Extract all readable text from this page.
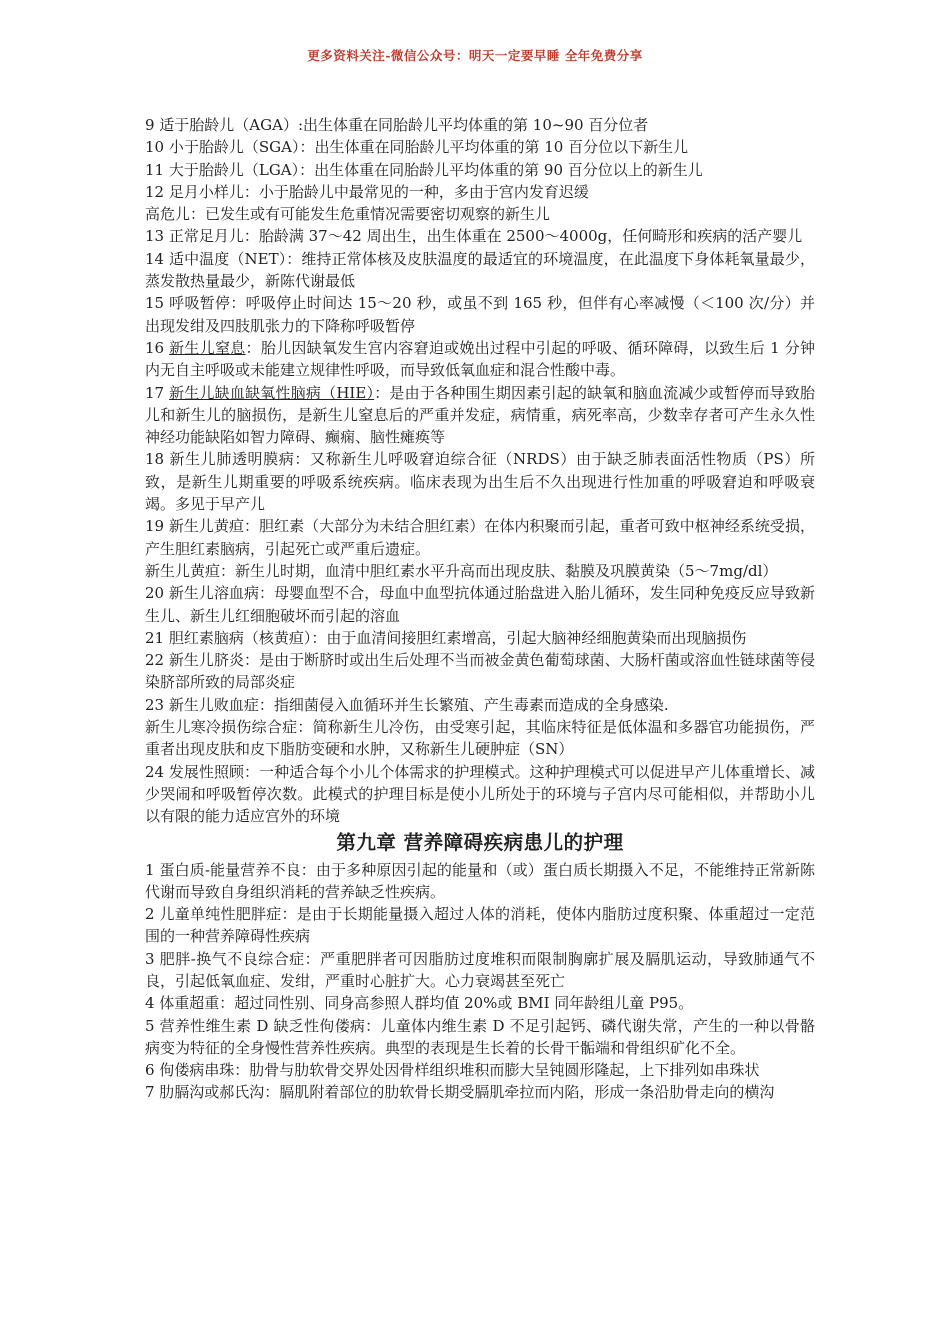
更多资料关注-微信公众号：明天一定要早睡 全年免费分享

9 适于胎龄儿（AGA）:出生体重在同胎龄儿平均体重的第 10~90 百分位者

10 小于胎龄儿（SGA）：出生体重在同胎龄儿平均体重的第 10 百分位以下新生儿

11 大于胎龄儿（LGA）：出生体重在同胎龄儿平均体重的第 90 百分位以上的新生儿

12 足月小样儿：小于胎龄儿中最常见的一种，多由于宫内发育迟缓

高危儿：已发生或有可能发生危重情况需要密切观察的新生儿

13 正常足月儿：胎龄满 37～42 周出生，出生体重在 2500～4000g，任何畸形和疾病的活产婴儿

14 适中温度（NET）：维持正常体核及皮肤温度的最适宜的环境温度，在此温度下身体耗氧量最少，蒸发散热量最少，新陈代谢最低

15 呼吸暂停：呼吸停止时间达 15～20 秒，或虽不到 165 秒，但伴有心率减慢（＜100 次/分）并出现发绀及四肢肌张力的下降称呼吸暂停

16 新生儿窒息：胎儿因缺氧发生宫内容窘迫或娩出过程中引起的呼吸、循环障碍，以致生后 1 分钟内无自主呼吸或未能建立规律性呼吸，而导致低氧血症和混合性酸中毒。

17 新生儿缺血缺氧性脑病（HIE）：是由于各种围生期因素引起的缺氧和脑血流减少或暂停而导致胎儿和新生儿的脑损伤，是新生儿窒息后的严重并发症，病情重，病死率高，少数幸存者可产生永久性神经功能缺陷如智力障碍、癫痫、脑性瘫痪等

18 新生儿肺透明膜病：又称新生儿呼吸窘迫综合征（NRDS）由于缺乏肺表面活性物质（PS）所致，是新生儿期重要的呼吸系统疾病。临床表现为出生后不久出现进行性加重的呼吸窘迫和呼吸衰竭。多见于早产儿

19 新生儿黄疸：胆红素（大部分为未结合胆红素）在体内积聚而引起，重者可致中枢神经系统受损，产生胆红素脑病，引起死亡或严重后遗症。

新生儿黄疸：新生儿时期，血清中胆红素水平升高而出现皮肤、黏膜及巩膜黄染（5～7mg/dl）

20 新生儿溶血病：母婴血型不合，母血中血型抗体通过胎盘进入胎儿循环，发生同种免疫反应导致新生儿、新生儿红细胞破坏而引起的溶血

21 胆红素脑病（核黄疸）：由于血清间接胆红素增高，引起大脑神经细胞黄染而出现脑损伤

22 新生儿脐炎：是由于断脐时或出生后处理不当而被金黄色葡萄球菌、大肠杆菌或溶血性链球菌等侵染脐部所致的局部炎症

23 新生儿败血症：指细菌侵入血循环并生长繁殖、产生毒素而造成的全身感染.

新生儿寒冷损伤综合症：简称新生儿冷伤，由受寒引起，其临床特征是低体温和多器官功能损伤，严重者出现皮肤和皮下脂肪变硬和水肿，又称新生儿硬肿症（SN）

24 发展性照顾：一种适合每个小儿个体需求的护理模式。这种护理模式可以促进早产儿体重增长、减少哭闹和呼吸暂停次数。此模式的护理目标是使小儿所处于的环境与子宫内尽可能相似，并帮助小儿以有限的能力适应宫外的环境

第九章 营养障碍疾病患儿的护理

1 蛋白质-能量营养不良：由于多种原因引起的能量和（或）蛋白质长期摄入不足，不能维持正常新陈代谢而导致自身组织消耗的营养缺乏性疾病。

2 儿童单纯性肥胖症：是由于长期能量摄入超过人体的消耗，使体内脂肪过度积聚、体重超过一定范围的一种营养障碍性疾病

3 肥胖-换气不良综合症：严重肥胖者可因脂肪过度堆积而限制胸廓扩展及膈肌运动，导致肺通气不良，引起低氧血症、发绀，严重时心脏扩大。心力衰竭甚至死亡

4 体重超重：超过同性别、同身高参照人群均值 20%或 BMI 同年龄组儿童 P95。

5 营养性维生素 D 缺乏性佝偻病：儿童体内维生素 D 不足引起钙、磷代谢失常，产生的一种以骨骼病变为特征的全身慢性营养性疾病。典型的表现是生长着的长骨干骺端和骨组织矿化不全。

6 佝偻病串珠：肋骨与肋软骨交界处因骨样组织堆积而膨大呈钝圆形隆起，上下排列如串珠状

7 肋膈沟或郝氏沟：膈肌附着部位的肋软骨长期受膈肌牵拉而内陷，形成一条沿肋骨走向的横沟
